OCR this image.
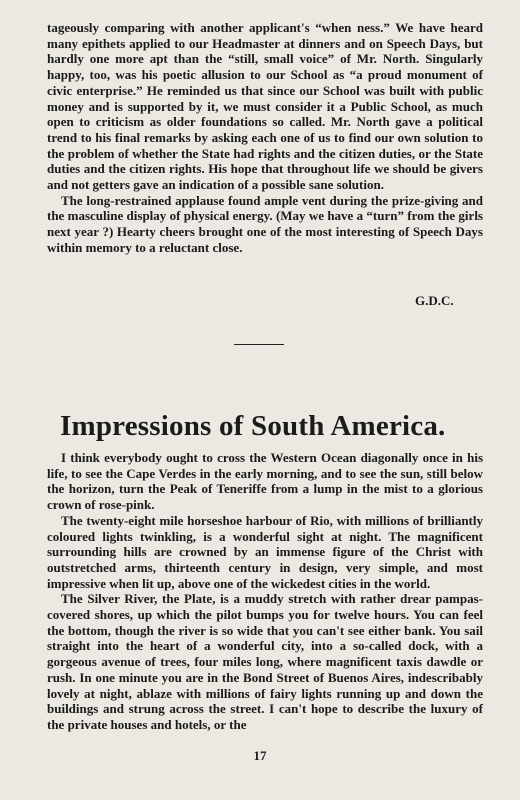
tageously comparing with another applicant's “when ness.” We have heard many epithets applied to our Headmaster at dinners and on Speech Days, but hardly one more apt than the “still, small voice” of Mr. North. Singularly happy, too, was his poetic allusion to our School as “a proud monument of civic enterprise.” He reminded us that since our School was built with public money and is supported by it, we must consider it a Public School, as much open to criticism as older foundations so called. Mr. North gave a political trend to his final remarks by asking each one of us to find our own solution to the problem of whether the State had rights and the citizen duties, or the State duties and the citizen rights. His hope that throughout life we should be givers and not getters gave an indication of a possible sane solution.

The long-restrained applause found ample vent during the prize-giving and the masculine display of physical energy. (May we have a “turn” from the girls next year ?) Hearty cheers brought one of the most interesting of Speech Days within memory to a reluctant close.

G.D.C.
Impressions of South America.

I think everybody ought to cross the Western Ocean diagonally once in his life, to see the Cape Verdes in the early morning, and to see the sun, still below the horizon, turn the Peak of Teneriffe from a lump in the mist to a glorious crown of rose-pink.

The twenty-eight mile horseshoe harbour of Rio, with millions of brilliantly coloured lights twinkling, is a wonderful sight at night. The magnificent surrounding hills are crowned by an immense figure of the Christ with outstretched arms, thirteenth century in design, very simple, and most impressive when lit up, above one of the wickedest cities in the world.

The Silver River, the Plate, is a muddy stretch with rather drear pampas-covered shores, up which the pilot bumps you for twelve hours. You can feel the bottom, though the river is so wide that you can't see either bank. You sail straight into the heart of a wonderful city, into a so-called dock, with a gorgeous avenue of trees, four miles long, where magnificent taxis dawdle or rush. In one minute you are in the Bond Street of Buenos Aires, indescribably lovely at night, ablaze with millions of fairy lights running up and down the buildings and strung across the street. I can't hope to describe the luxury of the private houses and hotels, or the

17
